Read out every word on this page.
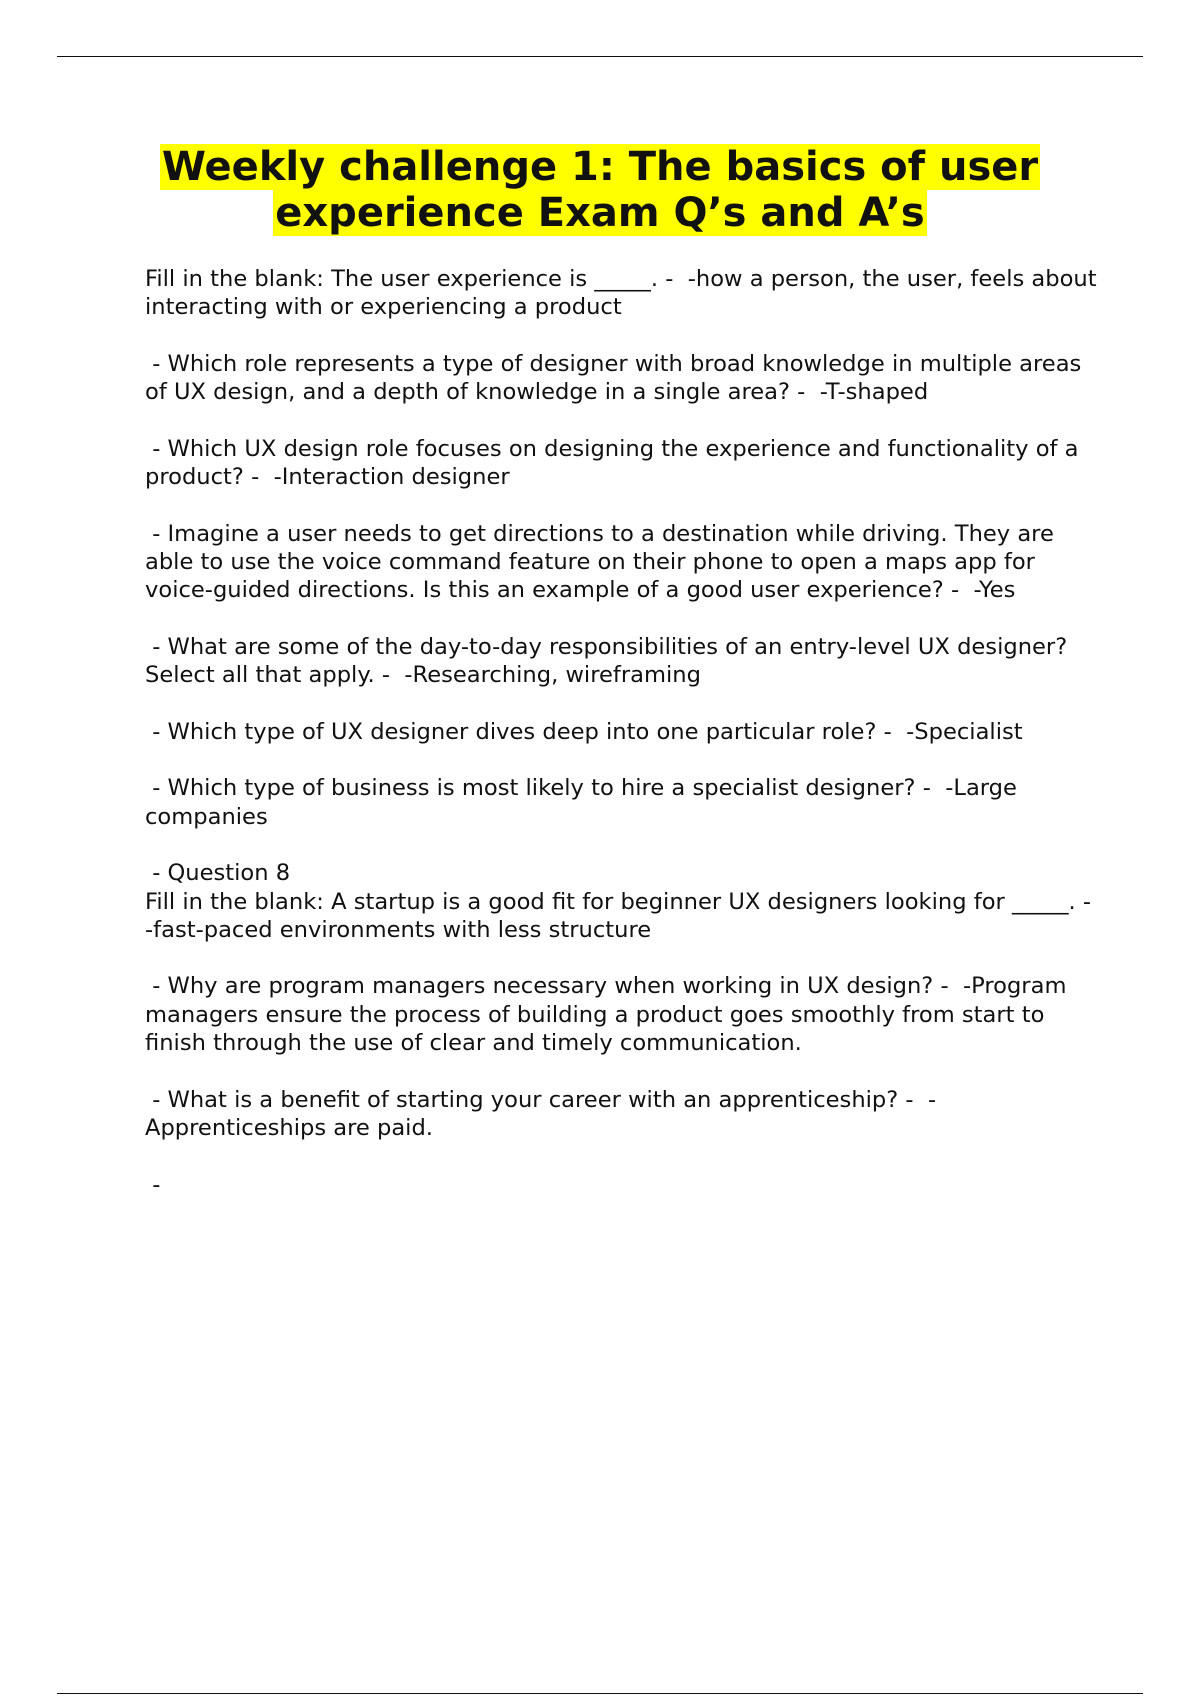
Weekly challenge 1: The basics of user
experience Exam Q’s and A’s

Fill in the blank: The user experience is _____. -  -how a person, the user, feels about interacting with or experiencing a product

- Which role represents a type of designer with broad knowledge in multiple areas of UX design, and a depth of knowledge in a single area? -  -T-shaped

- Which UX design role focuses on designing the experience and functionality of a product? -  -Interaction designer

- Imagine a user needs to get directions to a destination while driving. They are able to use the voice command feature on their phone to open a maps app for voice-guided directions. Is this an example of a good user experience? -  -Yes

- What are some of the day-to-day responsibilities of an entry-level UX designer? Select all that apply. -  -Researching, wireframing

- Which type of UX designer dives deep into one particular role? -  -Specialist

- Which type of business is most likely to hire a specialist designer? -  -Large companies

- Question 8
Fill in the blank: A startup is a good fit for beginner UX designers looking for _____. -  -fast-paced environments with less structure

- Why are program managers necessary when working in UX design? -  -Program managers ensure the process of building a product goes smoothly from start to finish through the use of clear and timely communication.

- What is a benefit of starting your career with an apprenticeship? -  -Apprenticeships are paid.

-
